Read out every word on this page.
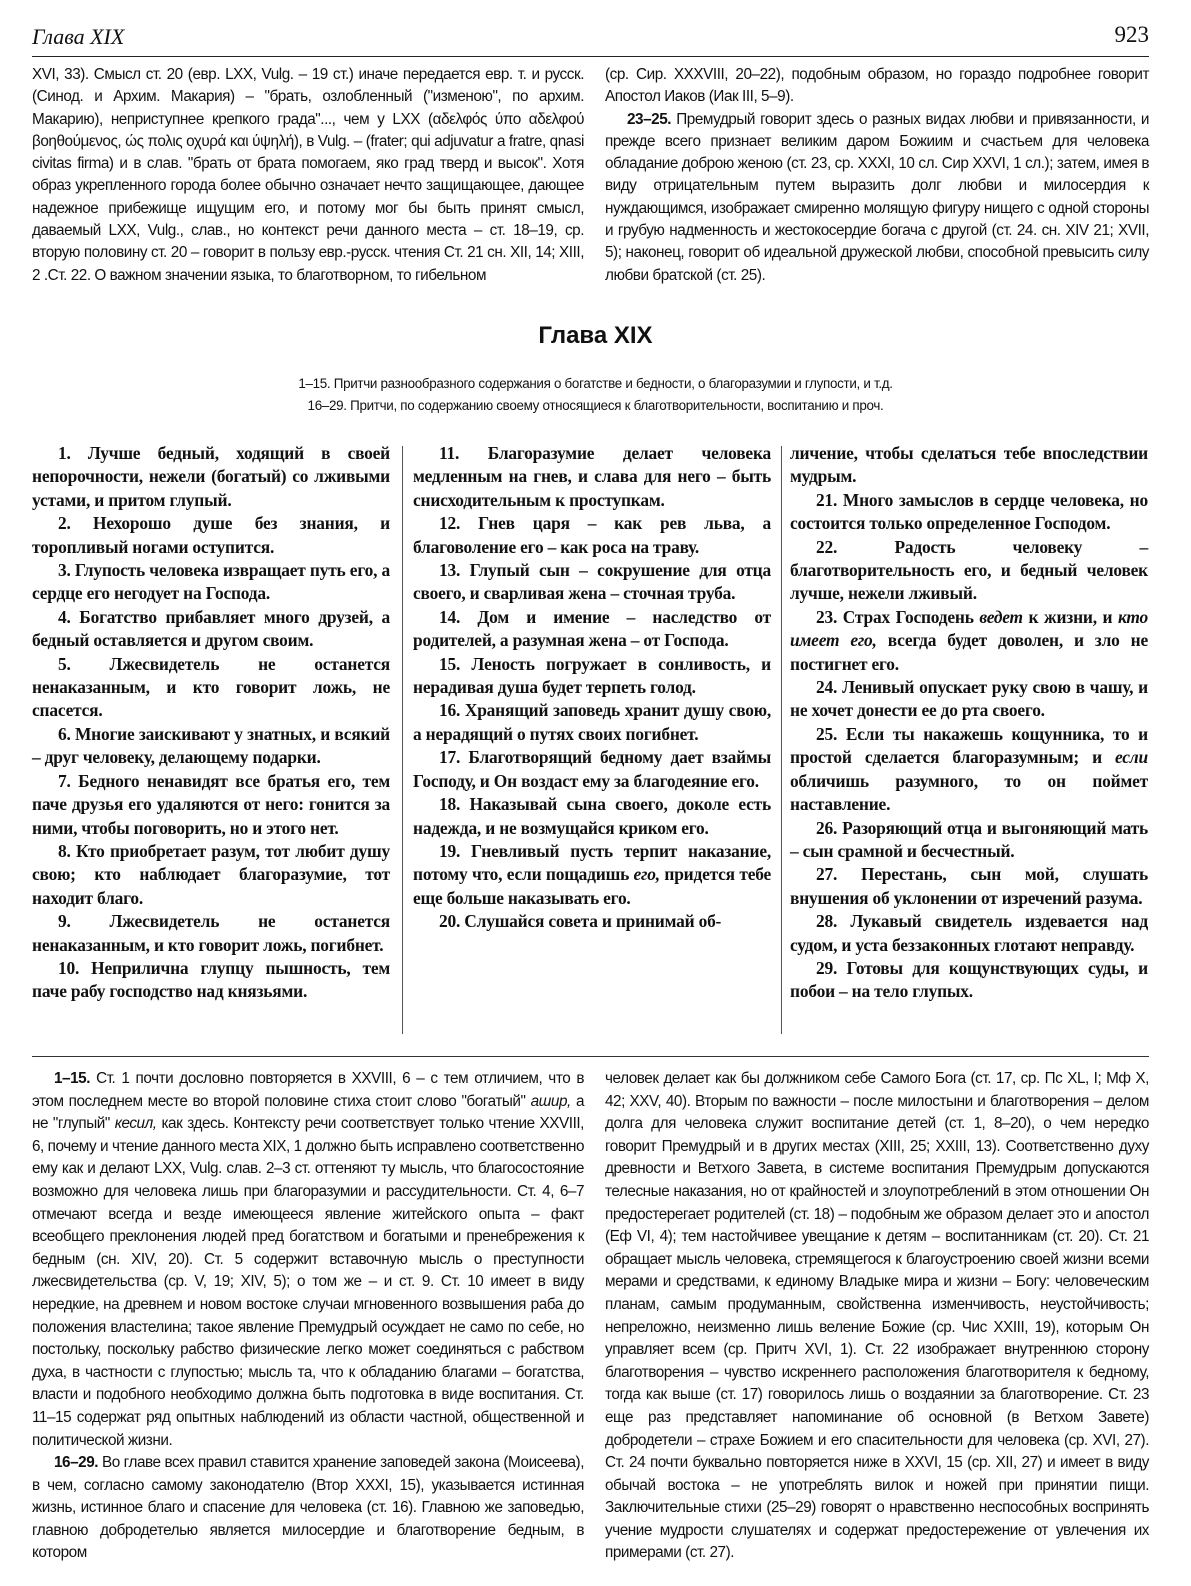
Глава XIX	923

XVI, 33). Смысл ст. 20 (евр. LXX, Vulg. – 19 ст.) иначе передается евр. т. и русск. (Синод. и Архим. Макария) – "брать, озлобленный ("изменою", по архим. Макарию), неприступнее крепкого града"..., чем у LXX (αδελφός ύπο αδελφού βοηθούμενος, ώς πολις οχυρά και ύψηλή), в Vulg. – (frater; qui adjuvatur a fratre, qnasi civitas firma) и в слав. "брать от брата помогаем, яко град тверд и высок". Хотя образ укрепленного города более обычно означает нечто защищающее, дающее надежное прибежище ищущим его, и потому мог бы быть принят смысл, даваемый LXX, Vulg., слав., но контекст речи данного места – ст. 18–19, ср. вторую половину ст. 20 – говорит в пользу евр.-русск. чтения Ст. 21 сн. XII, 14; XIII, 2 .Ст. 22. О важном значении языка, то благотворном, то гибельном

(ср. Сир. XXXVIII, 20–22), подобным образом, но гораздо подробнее говорит Апостол Иаков (Иак III, 5–9).

23–25. Премудрый говорит здесь о разных видах любви и привязанности, и прежде всего признает великим даром Божиим и счастьем для человека обладание доброю женою (ст. 23, ср. XXXI, 10 сл. Сир XXVI, 1 сл.); затем, имея в виду отрицательным путем выразить долг любви и милосердия к нуждающимся, изображает смиренно молящую фигуру нищего с одной стороны и грубую надменность и жестокосердие богача с другой (ст. 24. сн. XIV 21; XVII, 5); наконец, говорит об идеальной дружеской любви, способной превысить силу любви братской (ст. 25).

Глава XIX

1–15. Притчи разнообразного содержания о богатстве и бедности, о благоразумии и глупости, и т.д.

16–29. Притчи, по содержанию своему относящиеся к благотворительности, воспитанию и проч.

1. Лучше бедный, ходящий в своей непорочности, нежели (богатый) со лживыми устами, и притом глупый.

2. Нехорошо душе без знания, и торопливый ногами оступится.

3. Глупость человека извращает путь его, а сердце его негодует на Господа.

4. Богатство прибавляет много друзей, а бедный оставляется и другом своим.

5. Лжесвидетель не останется ненаказанным, и кто говорит ложь, не спасется.

6. Многие заискивают у знатных, и всякий – друг человеку, делающему подарки.

7. Бедного ненавидят все братья его, тем паче друзья его удаляются от него: гонится за ними, чтобы поговорить, но и этого нет.

8. Кто приобретает разум, тот любит душу свою; кто наблюдает благоразумие, тот находит благо.

9. Лжесвидетель не останется ненаказанным, и кто говорит ложь, погибнет.

10. Неприлична глупцу пышность, тем паче рабу господство над князьями.

11. Благоразумие делает человека медленным на гнев, и слава для него – быть снисходительным к проступкам.

12. Гнев царя – как рев льва, а благоволение его – как роса на траву.

13. Глупый сын – сокрушение для отца своего, и сварливая жена – сточная труба.

14. Дом и имение – наследство от родителей, а разумная жена – от Господа.

15. Леность погружает в сонливость, и нерадивая душа будет терпеть голод.

16. Хранящий заповедь хранит душу свою, а нерадящий о путях своих погибнет.

17. Благотворящий бедному дает взаймы Господу, и Он воздаст ему за благодеяние его.

18. Наказывай сына своего, доколе есть надежда, и не возмущайся криком его.

19. Гневливый пусть терпит наказание, потому что, если пощадишь его, придется тебе еще больше наказывать его.

20. Слушайся совета и принимай об-

личение, чтобы сделаться тебе впоследствии мудрым.

21. Много замыслов в сердце человека, но состоится только определенное Господом.

22. Радость человеку – благотворительность его, и бедный человек лучше, нежели лживый.

23. Страх Господень ведет к жизни, и кто имеет его, всегда будет доволен, и зло не постигнет его.

24. Ленивый опускает руку свою в чашу, и не хочет донести ее до рта своего.

25. Если ты накажешь кощунника, то и простой сделается благоразумным; и если обличишь разумного, то он поймет наставление.

26. Разоряющий отца и выгоняющий мать – сын срамной и бесчестный.

27. Перестань, сын мой, слушать внушения об уклонении от изречений разума.

28. Лукавый свидетель издевается над судом, и уста беззаконных глотают неправду.

29. Готовы для кощунствующих суды, и побои – на тело глупых.

1–15. Ст. 1 почти дословно повторяется в XXVIII, 6 – с тем отличием, что в этом последнем месте во второй половине стиха стоит слово "богатый" ашир, а не "глупый" кесил, как здесь. Контексту речи соответствует только чтение XXVIII, 6, почему и чтение данного места XIX, 1 должно быть исправлено соответственно ему как и делают LXX, Vulg. слав. 2–3 ст. оттеняют ту мысль, что благосостояние возможно для человека лишь при благоразумии и рассудительности. Ст. 4, 6–7 отмечают всегда и везде имеющееся явление житейского опыта – факт всеобщего преклонения людей пред богатством и богатыми и пренебрежения к бедным (сн. XIV, 20). Ст. 5 содержит вставочную мысль о преступности лжесвидетельства (ср. V, 19; XIV, 5); о том же – и ст. 9. Ст. 10 имеет в виду нередкие, на древнем и новом востоке случаи мгновенного возвышения раба до положения властелина; такое явление Премудрый осуждает не само по себе, но постольку, поскольку рабство физические легко может соединяться с рабством духа, в частности с глупостью; мысль та, что к обладанию благами – богатства, власти и подобного необходимо должна быть подготовка в виде воспитания. Ст. 11–15 содержат ряд опытных наблюдений из области частной, общественной и политической жизни.

16–29. Во главе всех правил ставится хранение заповедей закона (Моисеева), в чем, согласно самому законодателю (Втор XXXI, 15), указывается истинная жизнь, истинное благо и спасение для человека (ст. 16). Главною же заповедью, главною добродетелью является милосердие и благотворение бедным, в котором

человек делает как бы должником себе Самого Бога (ст. 17, ср. Пс XL, I; Мф X, 42; XXV, 40). Вторым по важности – после милостыни и благотворения – делом долга для человека служит воспитание детей (ст. 1, 8–20), о чем нередко говорит Премудрый и в других местах (XIII, 25; XXIII, 13). Соответственно духу древности и Ветхого Завета, в системе воспитания Премудрым допускаются телесные наказания, но от крайностей и злоупотреблений в этом отношении Он предостерегает родителей (ст. 18) – подобным же образом делает это и апостол (Еф VI, 4); тем настойчивее увещание к детям – воспитанникам (ст. 20). Ст. 21 обращает мысль человека, стремящегося к благоустроению своей жизни всеми мерами и средствами, к единому Владыке мира и жизни – Богу: человеческим планам, самым продуманным, свойственна изменчивость, неустойчивость; непреложно, неизменно лишь веление Божие (ср. Чис XXIII, 19), которым Он управляет всем (ср. Притч XVI, 1). Ст. 22 изображает внутреннюю сторону благотворения – чувство искреннего расположения благотворителя к бедному, тогда как выше (ст. 17) говорилось лишь о воздаянии за благотворение. Ст. 23 еще раз представляет напоминание об основной (в Ветхом Завете) добродетели – страхе Божием и его спасительности для человека (ср. XVI, 27). Ст. 24 почти буквально повторяется ниже в XXVI, 15 (ср. XII, 27) и имеет в виду обычай востока – не употреблять вилок и ножей при принятии пищи. Заключительные стихи (25–29) говорят о нравственно неспособных воспринять учение мудрости слушателях и содержат предостережение от увлечения их примерами (ст. 27).
